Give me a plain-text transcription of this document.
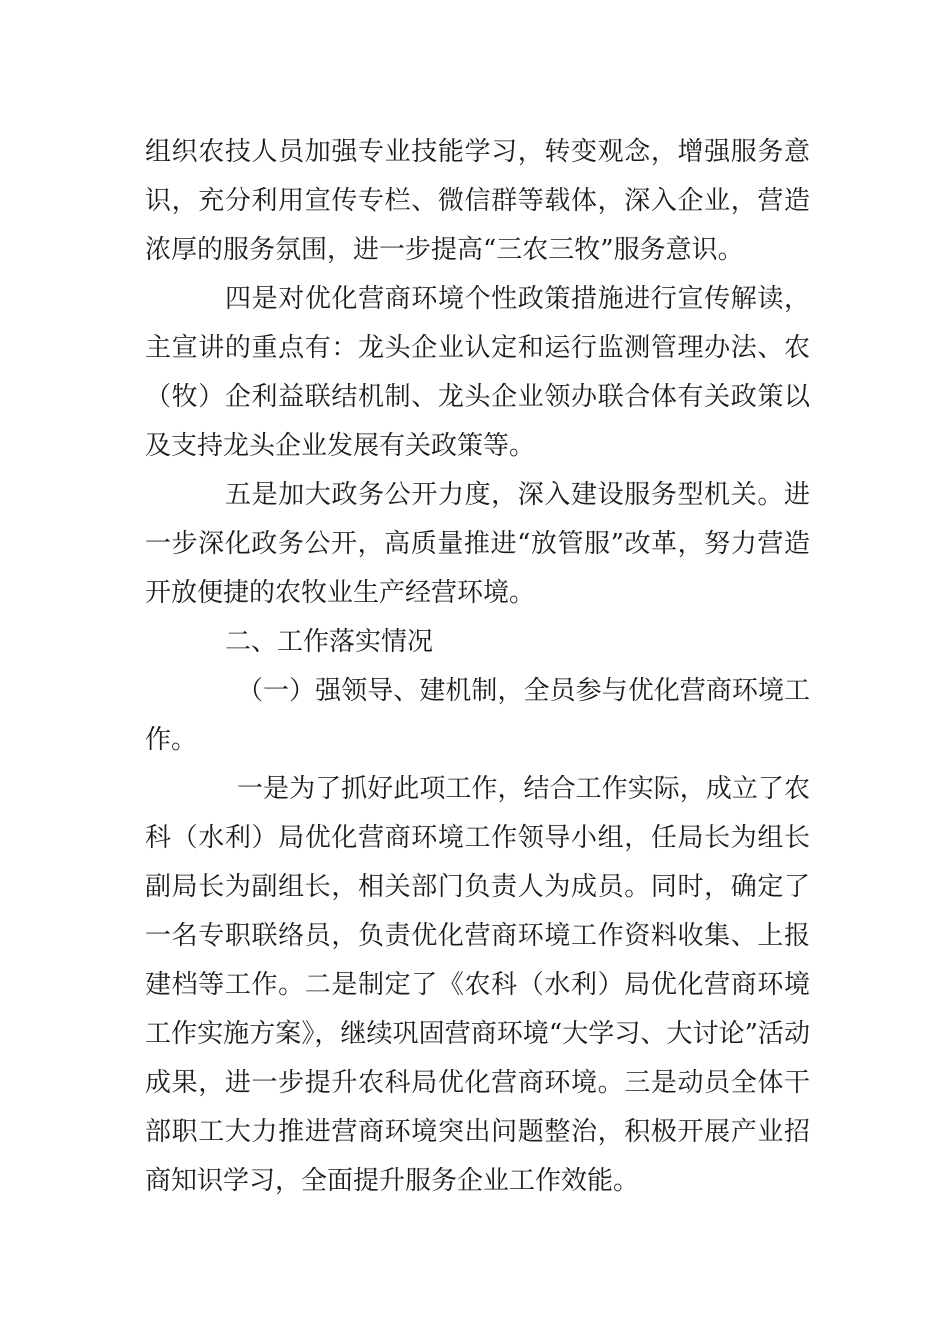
组织农技人员加强专业技能学习，转变观念，增强服务意识，充分利用宣传专栏、微信群等载体，深入企业，营造浓厚的服务氛围，进一步提高“三农三牧”服务意识。

四是对优化营商环境个性政策措施进行宣传解读，主宣讲的重点有：龙头企业认定和运行监测管理办法、农（牧）企利益联结机制、龙头企业领办联合体有关政策以及支持龙头企业发展有关政策等。

五是加大政务公开力度，深入建设服务型机关。进一步深化政务公开，高质量推进“放管服”改革，努力营造开放便捷的农牧业生产经营环境。

二、工作落实情况

（一）强领导、建机制，全员参与优化营商环境工作。

一是为了抓好此项工作，结合工作实际，成立了农科（水利）局优化营商环境工作领导小组，任局长为组长副局长为副组长，相关部门负责人为成员。同时，确定了一名专职联络员，负责优化营商环境工作资料收集、上报建档等工作。二是制定了《农科（水利）局优化营商环境工作实施方案》，继续巩固营商环境“大学习、大讨论”活动成果，进一步提升农科局优化营商环境。三是动员全体干部职工大力推进营商环境突出问题整治，积极开展产业招商知识学习，全面提升服务企业工作效能。
